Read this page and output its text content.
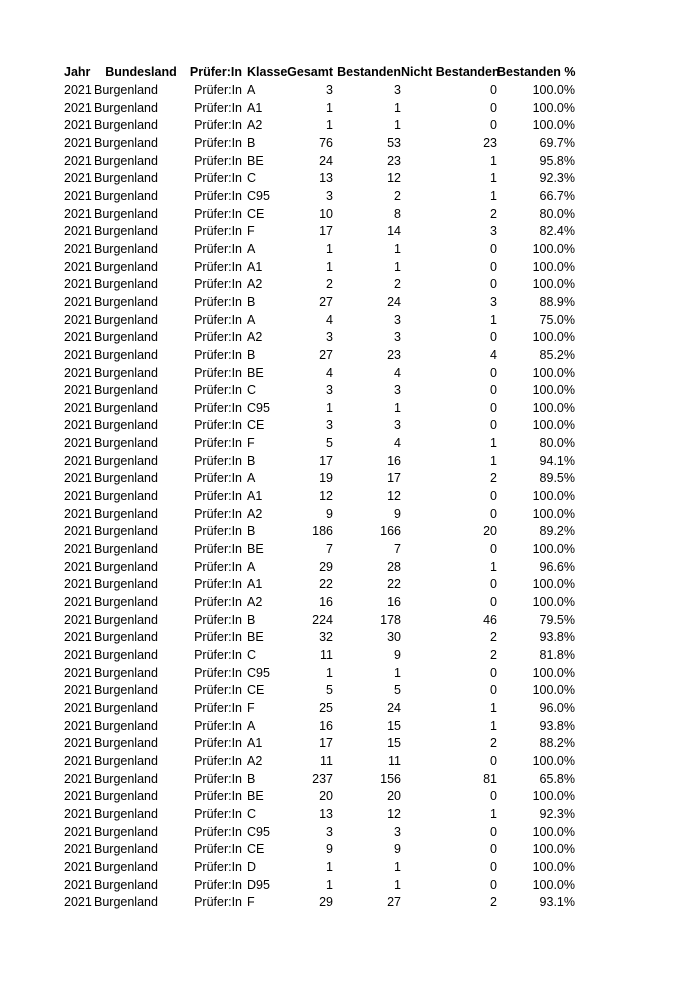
Jahr	Bundesland	Prüfer:In	Klasse	Gesamt	Bestanden	Nicht Bestanden	Bestanden %
2021	Burgenland	Prüfer:In	A	3	3	0	100.0%
2021	Burgenland	Prüfer:In	A1	1	1	0	100.0%
2021	Burgenland	Prüfer:In	A2	1	1	0	100.0%
2021	Burgenland	Prüfer:In	B	76	53	23	69.7%
2021	Burgenland	Prüfer:In	BE	24	23	1	95.8%
2021	Burgenland	Prüfer:In	C	13	12	1	92.3%
2021	Burgenland	Prüfer:In	C95	3	2	1	66.7%
2021	Burgenland	Prüfer:In	CE	10	8	2	80.0%
2021	Burgenland	Prüfer:In	F	17	14	3	82.4%
2021	Burgenland	Prüfer:In	A	1	1	0	100.0%
2021	Burgenland	Prüfer:In	A1	1	1	0	100.0%
2021	Burgenland	Prüfer:In	A2	2	2	0	100.0%
2021	Burgenland	Prüfer:In	B	27	24	3	88.9%
2021	Burgenland	Prüfer:In	A	4	3	1	75.0%
2021	Burgenland	Prüfer:In	A2	3	3	0	100.0%
2021	Burgenland	Prüfer:In	B	27	23	4	85.2%
2021	Burgenland	Prüfer:In	BE	4	4	0	100.0%
2021	Burgenland	Prüfer:In	C	3	3	0	100.0%
2021	Burgenland	Prüfer:In	C95	1	1	0	100.0%
2021	Burgenland	Prüfer:In	CE	3	3	0	100.0%
2021	Burgenland	Prüfer:In	F	5	4	1	80.0%
2021	Burgenland	Prüfer:In	B	17	16	1	94.1%
2021	Burgenland	Prüfer:In	A	19	17	2	89.5%
2021	Burgenland	Prüfer:In	A1	12	12	0	100.0%
2021	Burgenland	Prüfer:In	A2	9	9	0	100.0%
2021	Burgenland	Prüfer:In	B	186	166	20	89.2%
2021	Burgenland	Prüfer:In	BE	7	7	0	100.0%
2021	Burgenland	Prüfer:In	A	29	28	1	96.6%
2021	Burgenland	Prüfer:In	A1	22	22	0	100.0%
2021	Burgenland	Prüfer:In	A2	16	16	0	100.0%
2021	Burgenland	Prüfer:In	B	224	178	46	79.5%
2021	Burgenland	Prüfer:In	BE	32	30	2	93.8%
2021	Burgenland	Prüfer:In	C	11	9	2	81.8%
2021	Burgenland	Prüfer:In	C95	1	1	0	100.0%
2021	Burgenland	Prüfer:In	CE	5	5	0	100.0%
2021	Burgenland	Prüfer:In	F	25	24	1	96.0%
2021	Burgenland	Prüfer:In	A	16	15	1	93.8%
2021	Burgenland	Prüfer:In	A1	17	15	2	88.2%
2021	Burgenland	Prüfer:In	A2	11	11	0	100.0%
2021	Burgenland	Prüfer:In	B	237	156	81	65.8%
2021	Burgenland	Prüfer:In	BE	20	20	0	100.0%
2021	Burgenland	Prüfer:In	C	13	12	1	92.3%
2021	Burgenland	Prüfer:In	C95	3	3	0	100.0%
2021	Burgenland	Prüfer:In	CE	9	9	0	100.0%
2021	Burgenland	Prüfer:In	D	1	1	0	100.0%
2021	Burgenland	Prüfer:In	D95	1	1	0	100.0%
2021	Burgenland	Prüfer:In	F	29	27	2	93.1%
